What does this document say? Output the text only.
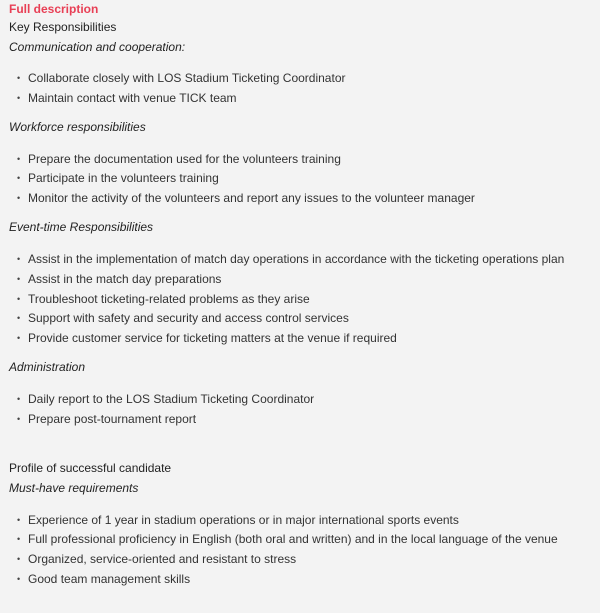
Full description
Key Responsibilities
Communication and cooperation:
• Collaborate closely with LOS Stadium Ticketing Coordinator
• Maintain contact with venue TICK team
Workforce responsibilities
• Prepare the documentation used for the volunteers training
• Participate in the volunteers training
• Monitor the activity of the volunteers and report any issues to the volunteer manager
Event-time Responsibilities
• Assist in the implementation of match day operations in accordance with the ticketing operations plan
• Assist in the match day preparations
• Troubleshoot ticketing-related problems as they arise
• Support with safety and security and access control services
• Provide customer service for ticketing matters at the venue if required
Administration
• Daily report to the LOS Stadium Ticketing Coordinator
• Prepare post-tournament report
Profile of successful candidate
Must-have requirements
• Experience of 1 year in stadium operations or in major international sports events
• Full professional proficiency in English (both oral and written) and in the local language of the venue
• Organized, service-oriented and resistant to stress
• Good team management skills
